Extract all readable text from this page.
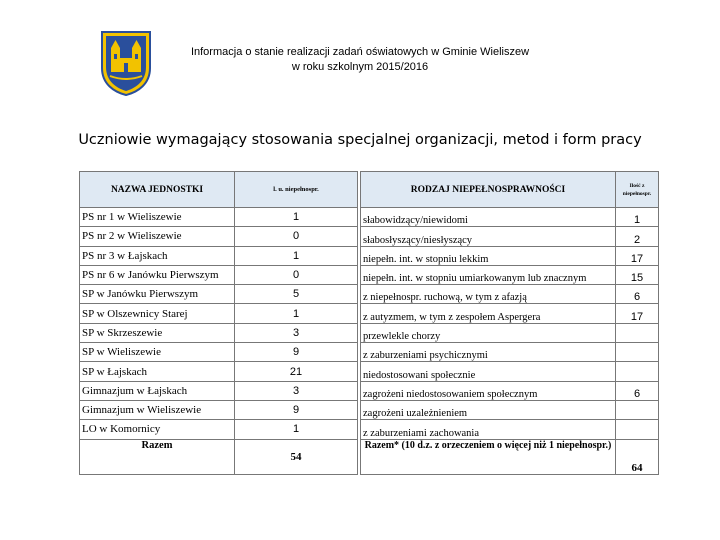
Informacja o stanie realizacji zadań oświatowych w Gminie Wieliszew
w roku szkolnym 2015/2016
Uczniowie wymagający stosowania specjalnej organizacji, metod i form pracy
NAZWA JEDNOSTKI	l. u. niepełnospr.
PS nr 1 w Wieliszewie	1
PS nr 2 w Wieliszewie	0
PS nr 3 w Łajskach	1
PS nr 6 w Janówku Pierwszym	0
SP w Janówku Pierwszym	5
SP w Olszewnicy Starej	1
SP w Skrzeszewie	3
SP w Wieliszewie	9
SP w Łajskach	21
Gimnazjum w Łajskach	3
Gimnazjum w Wieliszewie	9
LO w Komornicy	1
Razem	54
RODZAJ NIEPEŁNOSPRAWNOŚCI	Ilość z
niepełnospr.

słabowidzący/niewidomi	1
słabosłyszący/niesłyszący	2
niepełn. int. w stopniu lekkim	17
niepełn. int. w stopniu umiarkowanym lub znacznym	15
z niepełnospr. ruchową, w tym z afazją	6
z autyzmem, w tym z zespołem Aspergera	17
przewlekle chorzy	
z zaburzeniami psychicznymi	
niedostosowani społecznie	
zagrożeni niedostosowaniem społecznym	6
zagrożeni uzależnieniem	
z zaburzeniami zachowania	
Razem* (10 d.z. z orzeczeniem o więcej niż 1 niepełnospr.)	64
